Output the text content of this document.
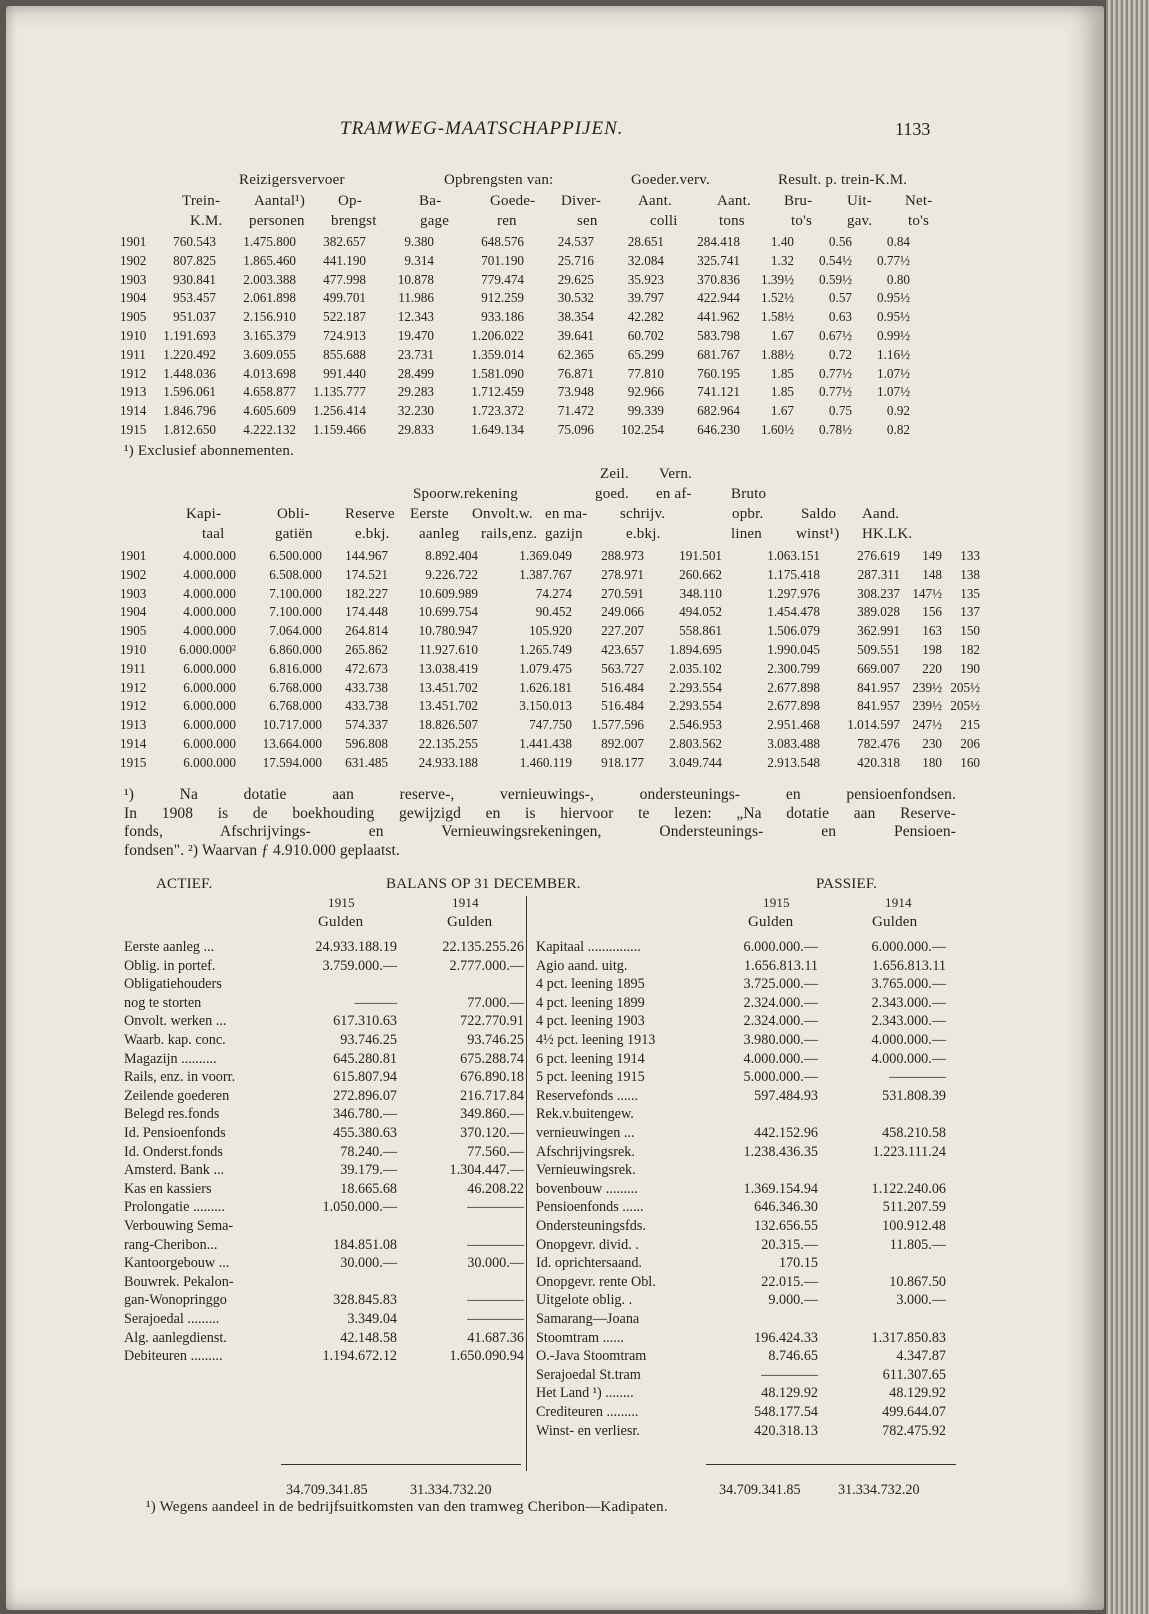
TRAMWEG-MAATSCHAPPIJEN.	1133
Reizigersvervoer	Opbrengsten van:	Goeder.verv.	Result. p. trein-K.M.
Trein- Aantal¹) Op-	Ba-	Goede- Diver- Aant.	Aant. Bru- Uit- Net-
K.M. personen brengst	gage	ren	sen	colli	tons	to's gav. to's
1901	760.543	1.475.800	382.657	9.380	648.576	24.537	28.651	284.418	1.40	0.56	0.84
1902	807.825	1.865.460	441.190	9.314	701.190	25.716	32.084	325.741	1.32	0.54½	0.77½
1903	930.841	2.003.388	477.998	10.878	779.474	29.625	35.923	370.836	1.39½	0.59½	0.80
1904	953.457	2.061.898	499.701	11.986	912.259	30.532	39.797	422.944	1.52½	0.57	0.95½
1905	951.037	2.156.910	522.187	12.343	933.186	38.354	42.282	441.962	1.58½	0.63	0.95½
1910	1.191.693	3.165.379	724.913	19.470	1.206.022	39.641	60.702	583.798	1.67	0.67½	0.99½
1911	1.220.492	3.609.055	855.688	23.731	1.359.014	62.365	65.299	681.767	1.88½	0.72	1.16½
1912	1.448.036	4.013.698	991.440	28.499	1.581.090	76.871	77.810	760.195	1.85	0.77½	1.07½
1913	1.596.061	4.658.877	1.135.777	29.283	1.712.459	73.948	92.966	741.121	1.85	0.77½	1.07½
1914	1.846.796	4.605.609	1.256.414	32.230	1.723.372	71.472	99.339	682.964	1.67	0.75	0.92
1915	1.812.650	4.222.132	1.159.466	29.833	1.649.134	75.096	102.254	646.230	1.60½	0.78½	0.82
¹) Exclusief abonnementen.
Zeil. Vern.
Spoorw.rekening	goed. en af-	Bruto
Kapi-	Obli- Reserve Eerste Onvolt.w. en ma- schrijv.	opbr.	Saldo Aand.
taal	gatiën	e.bkj. aanleg rails,enz. gazijn	e.bkj.	linen winst¹) HK.LK.
1901	4.000.000	6.500.000	144.967	8.892.404	1.369.049	288.973	191.501	1.063.151	276.619	149	133
1902	4.000.000	6.508.000	174.521	9.226.722	1.387.767	278.971	260.662	1.175.418	287.311	148	138
1903	4.000.000	7.100.000	182.227	10.609.989	74.274	270.591	348.110	1.297.976	308.237	147½	135
1904	4.000.000	7.100.000	174.448	10.699.754	90.452	249.066	494.052	1.454.478	389.028	156	137
1905	4.000.000	7.064.000	264.814	10.780.947	105.920	227.207	558.861	1.506.079	362.991	163	150
1910	6.000.000²	6.860.000	265.862	11.927.610	1.265.749	423.657	1.894.695	1.990.045	509.551	198	182
1911	6.000.000	6.816.000	472.673	13.038.419	1.079.475	563.727	2.035.102	2.300.799	669.007	220	190
1912	6.000.000	6.768.000	433.738	13.451.702	1.626.181	516.484	2.293.554	2.677.898	841.957	239½	205½
1912	6.000.000	6.768.000	433.738	13.451.702	3.150.013	516.484	2.293.554	2.677.898	841.957	239½	205½
1913	6.000.000	10.717.000	574.337	18.826.507	747.750	1.577.596	2.546.953	2.951.468	1.014.597	247½	215
1914	6.000.000	13.664.000	596.808	22.135.255	1.441.438	892.007	2.803.562	3.083.488	782.476	230	206
1915	6.000.000	17.594.000	631.485	24.933.188	1.460.119	918.177	3.049.744	2.913.548	420.318	180	160
¹) Na dotatie aan reserve-, vernieuwings-, ondersteunings- en pensioenfondsen.
In 1908 is de boekhouding gewijzigd en is hiervoor te lezen: „Na dotatie aan Reserve-
fonds, Afschrijvings- en Vernieuwingsrekeningen, Ondersteunings- en Pensioen-
fondsen". ²) Waarvan ƒ 4.910.000 geplaatst.
ACTIEF.	BALANS OP 31 DECEMBER.	PASSIEF.
1915	1914
Gulden	Gulden
1915	1914
Gulden	Gulden
Eerste aanleg ...	24.933.188.19	22.135.255.26
Oblig. in portef.	3.759.000.—	2.777.000.—
Obligatiehouders
nog te storten	———	77.000.—
Onvolt. werken ...	617.310.63	722.770.91
Waarb. kap. conc.	93.746.25	93.746.25
Magazijn ..........	645.280.81	675.288.74
Rails, enz. in voorr.	615.807.94	676.890.18
Zeilende goederen	272.896.07	216.717.84
Belegd res.fonds	346.780.—	349.860.—
Id. Pensioenfonds	455.380.63	370.120.—
Id. Onderst.fonds	78.240.—	77.560.—
Amsterd. Bank ...	39.179.—	1.304.447.—
Kas en kassiers	18.665.68	46.208.22
Prolongatie .........	1.050.000.—	————
Verbouwing Sema-
rang-Cheribon...	184.851.08	————
Kantoorgebouw ...	30.000.—	30.000.—
Bouwrek. Pekalon-
gan-Wonopringgo	328.845.83	————
Serajoedal .........	3.349.04	————
Alg. aanlegdienst.	42.148.58	41.687.36
Debiteuren .........	1.194.672.12	1.650.090.94
Kapitaal ...............	6.000.000.—	6.000.000.—
Agio aand. uitg.	1.656.813.11	1.656.813.11
4 pct. leening 1895	3.725.000.—	3.765.000.—
4 pct. leening 1899	2.324.000.—	2.343.000.—
4 pct. leening 1903	2.324.000.—	2.343.000.—
4½ pct. leening 1913	3.980.000.—	4.000.000.—
6 pct. leening 1914	4.000.000.—	4.000.000.—
5 pct. leening 1915	5.000.000.—	————
Reservefonds ......	597.484.93	531.808.39
Rek.v.buitengew.
vernieuwingen ...	442.152.96	458.210.58
Afschrijvingsrek.	1.238.436.35	1.223.111.24
Vernieuwingsrek.
bovenbouw .........	1.369.154.94	1.122.240.06
Pensioenfonds ......	646.346.30	511.207.59
Ondersteuningsfds.	132.656.55	100.912.48
Onopgevr. divid. .	20.315.—	11.805.—
Id. oprichtersaand.	170.15
Onopgevr. rente Obl.	22.015.—	10.867.50
Uitgelote oblig. .	9.000.—	3.000.—
Samarang—Joana
Stoomtram ......	196.424.33	1.317.850.83
O.-Java Stoomtram	8.746.65	4.347.87
Serajoedal St.tram	————	611.307.65
Het Land ¹) ........	48.129.92	48.129.92
Crediteuren .........	548.177.54	499.644.07
Winst- en verliesr.	420.318.13	782.475.92
34.709.341.85	31.334.732.20	34.709.341.85	31.334.732.20
¹) Wegens aandeel in de bedrijfsuitkomsten van den tramweg Cheribon—Kadipaten.
